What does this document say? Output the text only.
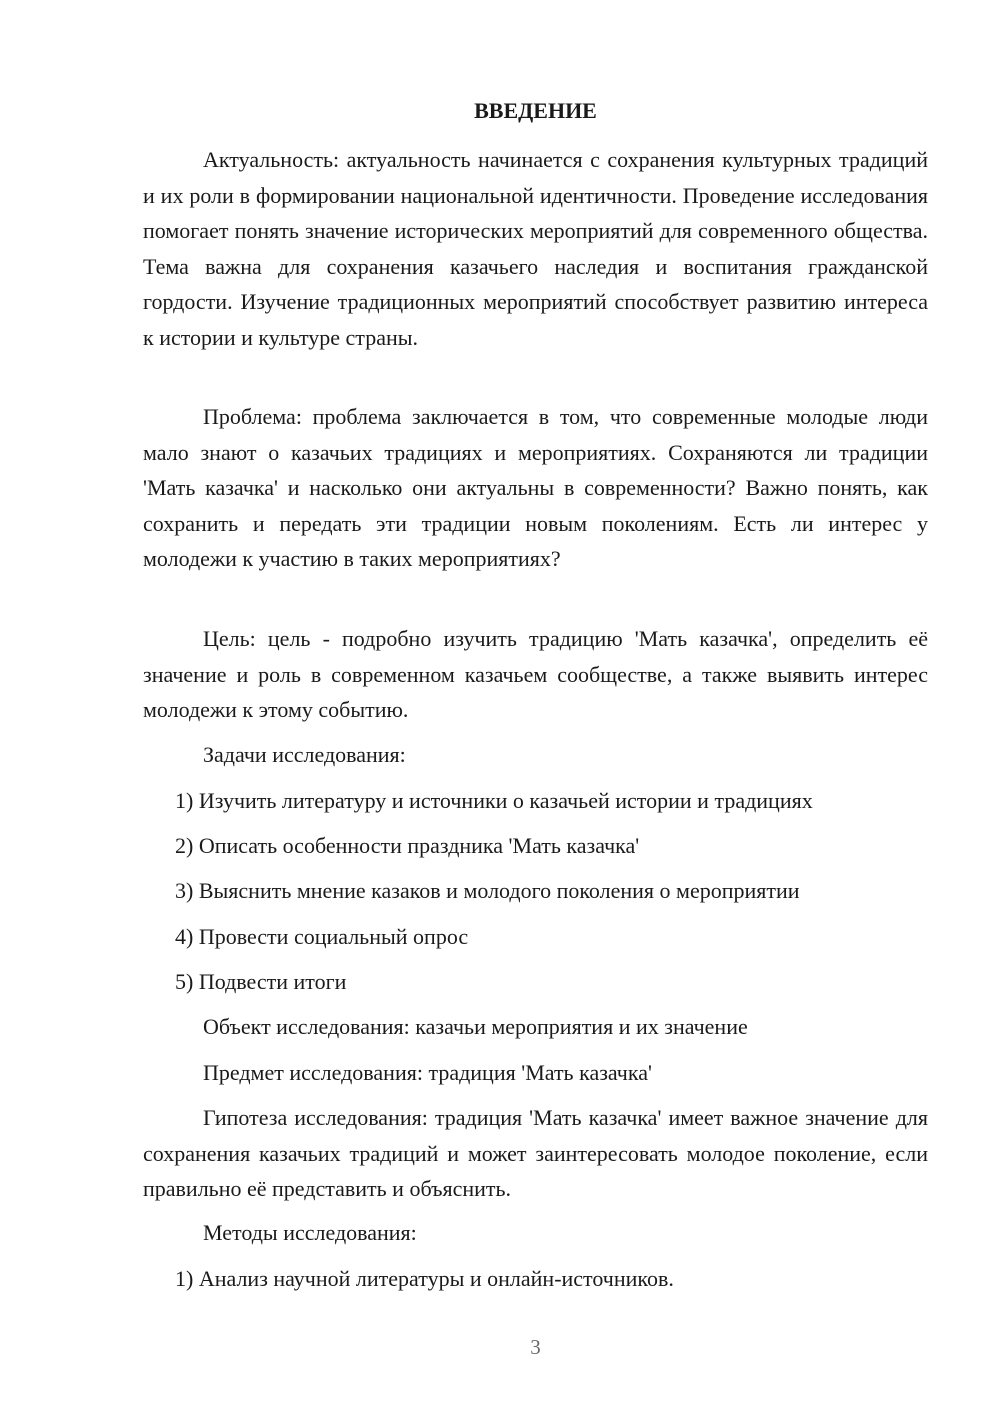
ВВЕДЕНИЕ

Актуальность: актуальность начинается с сохранения культурных традиций и их роли в формировании национальной идентичности. Проведение исследования помогает понять значение исторических мероприятий для современного общества. Тема важна для сохранения казачьего наследия и воспитания гражданской гордости. Изучение традиционных мероприятий способствует развитию интереса к истории и культуре страны.

Проблема: проблема заключается в том, что современные молодые люди мало знают о казачьих традициях и мероприятиях. Сохраняются ли традиции 'Мать казачка' и насколько они актуальны в современности? Важно понять, как сохранить и передать эти традиции новым поколениям. Есть ли интерес у молодежи к участию в таких мероприятиях?

Цель: цель - подробно изучить традицию 'Мать казачка', определить её значение и роль в современном казачьем сообществе, а также выявить интерес молодежи к этому событию.

Задачи исследования:

1) Изучить литературу и источники о казачьей истории и традициях

2) Описать особенности праздника 'Мать казачка'

3) Выяснить мнение казаков и молодого поколения о мероприятии

4) Провести социальный опрос

5) Подвести итоги

Объект исследования: казачьи мероприятия и их значение

Предмет исследования: традиция 'Мать казачка'

Гипотеза исследования: традиция 'Мать казачка' имеет важное значение для сохранения казачьих традиций и может заинтересовать молодое поколение, если правильно её представить и объяснить.

Методы исследования:

1) Анализ научной литературы и онлайн-источников.

3
